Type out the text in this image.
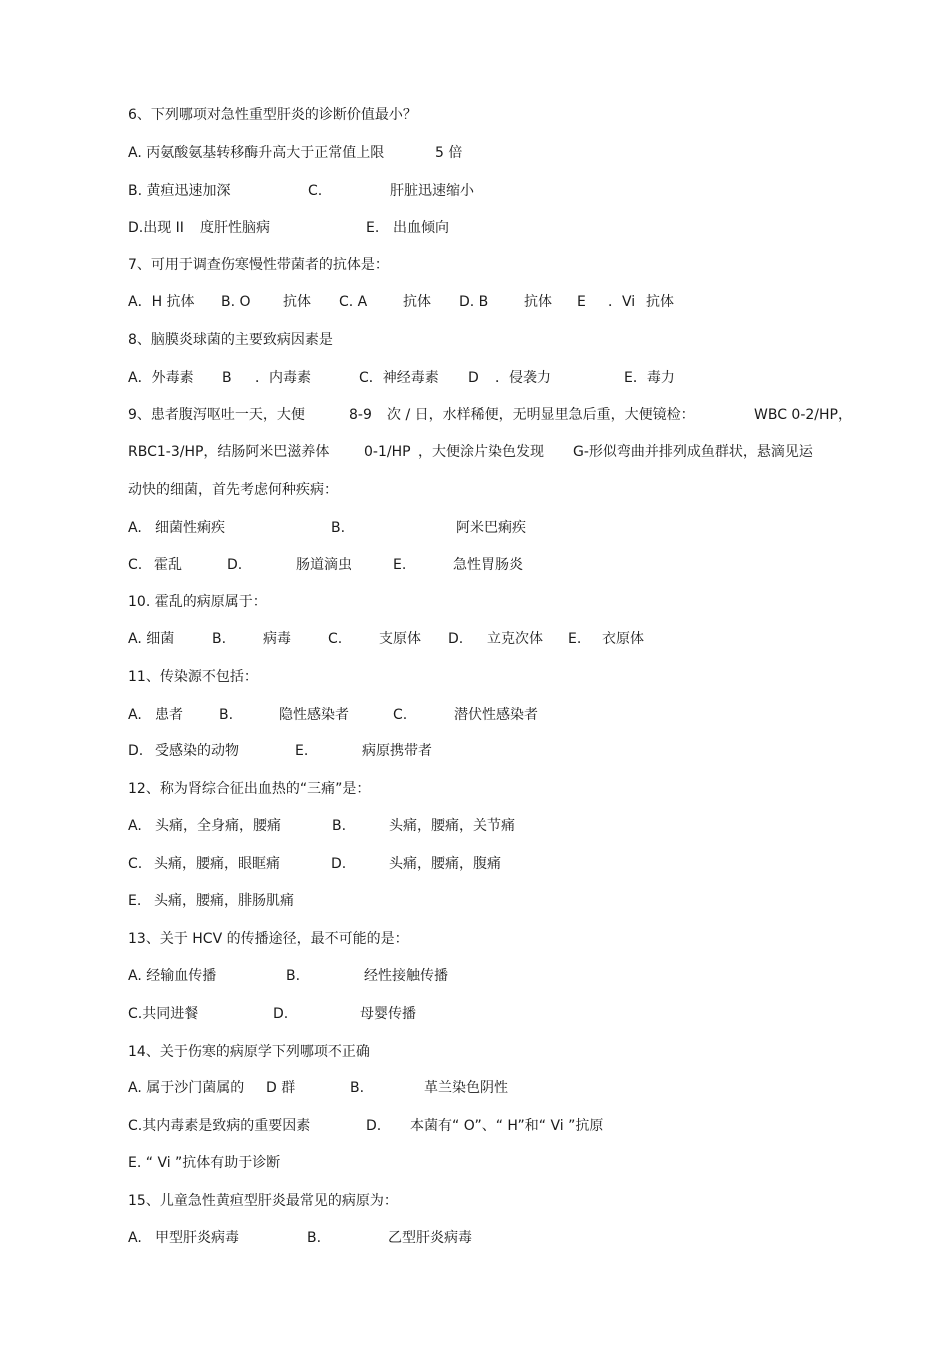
6、下列哪项对急性重型肝炎的诊断价值最小？
A. 丙氨酸氨基转移酶升高大于正常值上限	5 倍
B. 黄疸迅速加深	C.	肝脏迅速缩小
D.出现 II 度肝性脑病	E. 出血倾向
7、可用于调查伤寒慢性带菌者的抗体是：
A．H 抗体 B. O 抗体 C. A	抗体 D. B	抗体 E ．Vi 抗体
8、脑膜炎球菌的主要致病因素是
A．外毒素 B ．内毒素	C．神经毒素 D ．侵袭力	E．毒力
9、患者腹泻呕吐一天，大便	8-9 次 / 日，水样稀便，无明显里急后重，大便镜检：	WBC 0-2/HP，
RBC1-3/HP，结肠阿米巴滋养体 0-1/HP ，大便涂片染色发现 G-形似弯曲并排列成鱼群状，悬滴见运
动快的细菌，首先考虑何种疾病：
A. 细菌性痢疾	B.	阿米巴痢疾
C. 霍乱	D.	肠道滴虫	E.	急性胃肠炎
10. 霍乱的病原属于：
A. 细菌	B.	病毒	C.	支原体 D. 立克次体 E. 衣原体
11、传染源不包括：
A. 患者	B.	隐性感染者	C.	潜伏性感染者
D. 受感染的动物	E.	病原携带者
12、称为肾综合征出血热的“三痛”是：
A. 头痛，全身痛，腰痛	B.	头痛，腰痛，关节痛
C. 头痛，腰痛，眼眶痛	D.	头痛，腰痛，腹痛
E. 头痛，腰痛，腓肠肌痛
13、关于 HCV 的传播途径，最不可能的是：
A. 经输血传播	B.	经性接触传播
C.共同进餐	D.	母婴传播
14、关于伤寒的病原学下列哪项不正确
A. 属于沙门菌属的 D 群	B.	革兰染色阴性
C.其内毒素是致病的重要因素	D. 本菌有“ O”、“ H”和“ Vi ”抗原
E. “ Vi ”抗体有助于诊断
15、儿童急性黄疸型肝炎最常见的病原为：
A. 甲型肝炎病毒	B.	乙型肝炎病毒
